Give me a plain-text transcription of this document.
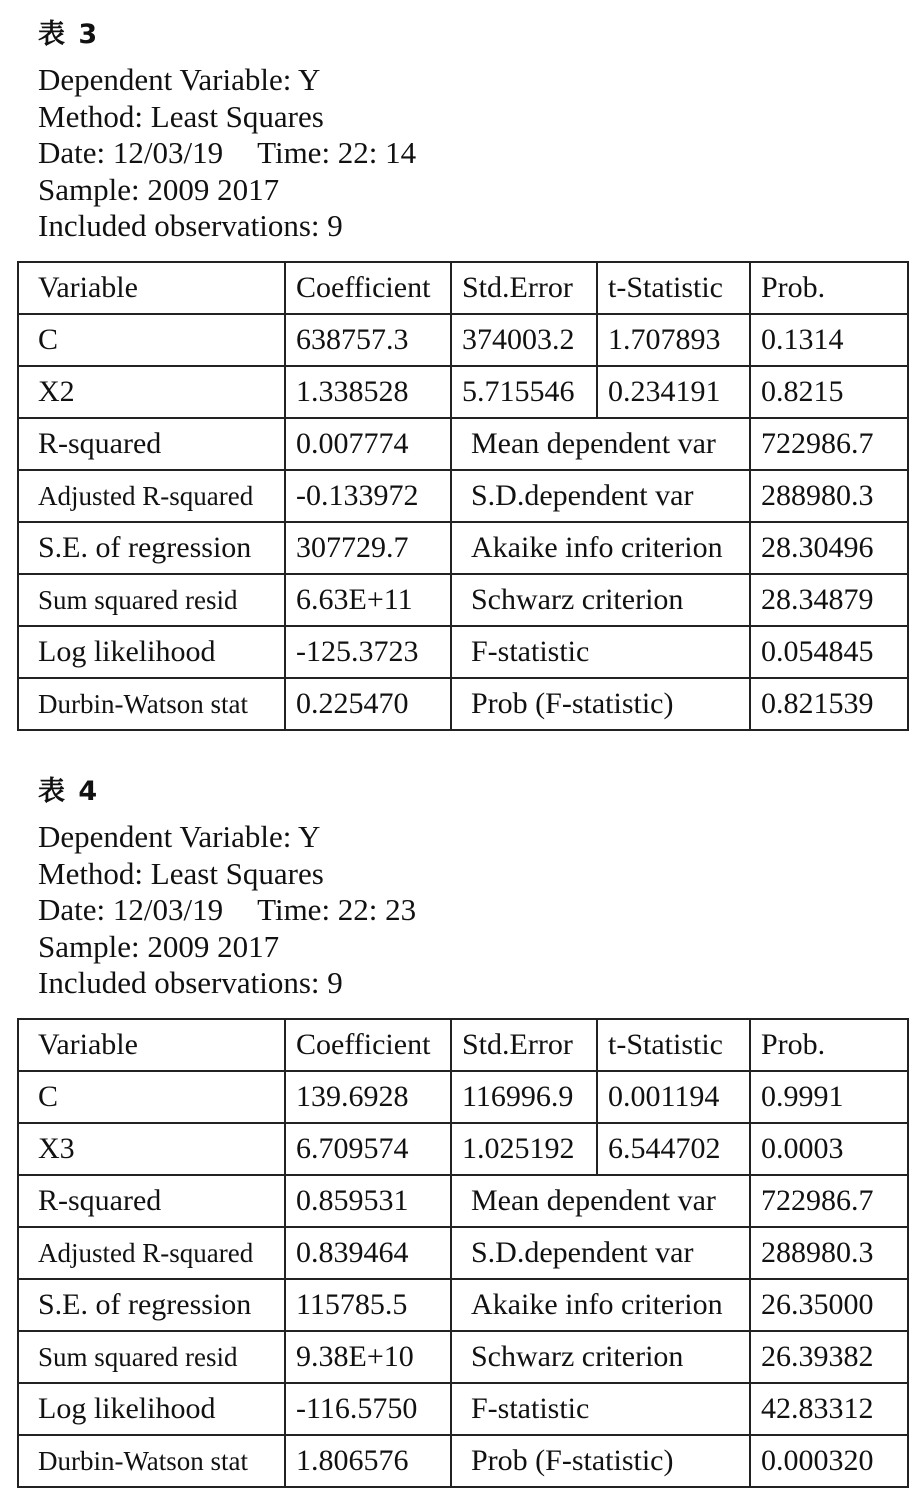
表 3
Dependent Variable: Y
Method: Least Squares
Date: 12/03/19 Time: 22: 14
Sample: 2009 2017
Included observations: 9
Variable	Coefficient	Std.Error	t-Statistic	Prob.
C	638757.3	374003.2	1.707893	0.1314
X2	1.338528	5.715546	0.234191	0.8215
R-squared	0.007774	Mean dependent var		722986.7
Adjusted R-squared	-0.133972	S.D.dependent var		288980.3
S.E. of regression	307729.7	Akaike info criterion		28.30496
Sum squared resid	6.63E+11	Schwarz criterion		28.34879
Log likelihood	-125.3723	F-statistic		0.054845
Durbin-Watson stat	0.225470	Prob (F-statistic)		0.821539
表 4
Dependent Variable: Y
Method: Least Squares
Date: 12/03/19 Time: 22: 23
Sample: 2009 2017
Included observations: 9
Variable	Coefficient	Std.Error	t-Statistic	Prob.
C	139.6928	116996.9	0.001194	0.9991
X3	6.709574	1.025192	6.544702	0.0003
R-squared	0.859531	Mean dependent var		722986.7
Adjusted R-squared	0.839464	S.D.dependent var		288980.3
S.E. of regression	115785.5	Akaike info criterion		26.35000
Sum squared resid	9.38E+10	Schwarz criterion		26.39382
Log likelihood	-116.5750	F-statistic		42.83312
Durbin-Watson stat	1.806576	Prob (F-statistic)		0.000320
